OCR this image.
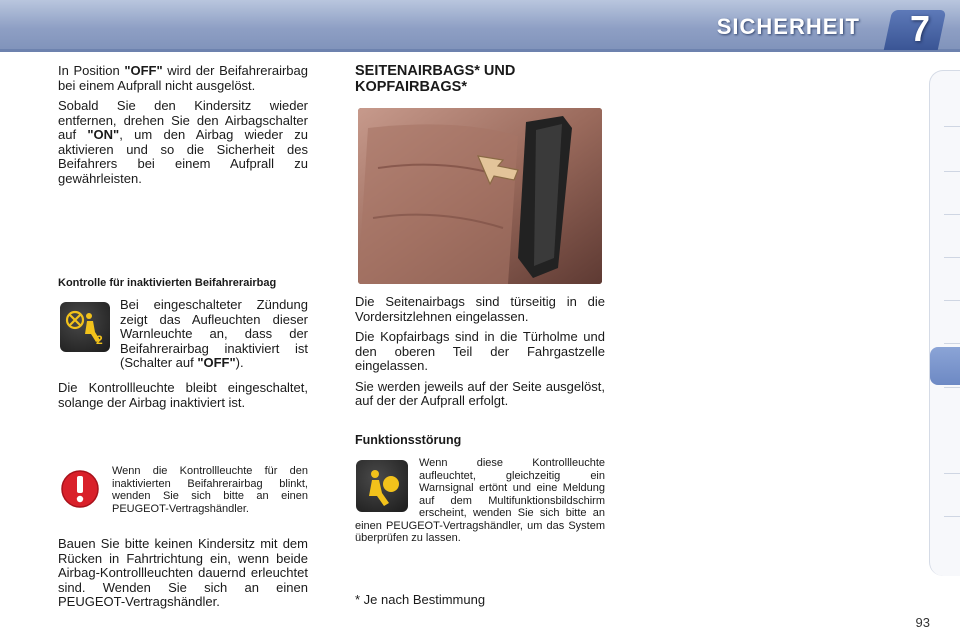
SICHERHEIT 7

In Position "OFF" wird der Beifahrerairbag bei einem Aufprall nicht ausgelöst.

Sobald Sie den Kindersitz wieder entfernen, drehen Sie den Airbagschalter auf "ON", um den Airbag wieder zu aktivieren und so die Sicherheit des Beifahrers bei einem Aufprall zu gewährleisten.

Kontrolle für inaktivierten Beifahrerairbag
2

Bei eingeschalteter Zündung zeigt das Aufleuchten dieser Warnleuchte an, dass der Beifahrerairbag inaktiviert ist (Schalter auf "OFF").

Die Kontrollleuchte bleibt eingeschaltet, solange der Airbag inaktiviert ist.
Wenn die Kontrollleuchte für den inaktivierten Beifahrerairbag blinkt, wenden Sie sich bitte an einen PEUGEOT-Vertragshändler.
Bauen Sie bitte keinen Kindersitz mit dem Rücken in Fahrtrichtung ein, wenn beide Airbag-Kontrollleuchten dauernd erleuchtet sind. Wenden Sie sich an einen PEUGEOT-Vertragshändler.
SEITENAIRBAGS* UND
KOPFAIRBAGS*

Die Seitenairbags sind türseitig in die Vordersitzlehnen eingelassen.

Die Kopfairbags sind in die Türholme und den oberen Teil der Fahrgastzelle eingelassen.

Sie werden jeweils auf der Seite ausgelöst, auf der der Aufprall erfolgt.

Funktionsstörung
Wenn diese Kontrollleuchte aufleuchtet, gleichzeitig ein Warnsignal ertönt und eine Meldung auf dem Multifunktionsbildschirm erscheint, wenden Sie sich bitte an einen PEUGEOT-Vertragshändler, um das System überprüfen zu lassen.
* Je nach Bestimmung
93
